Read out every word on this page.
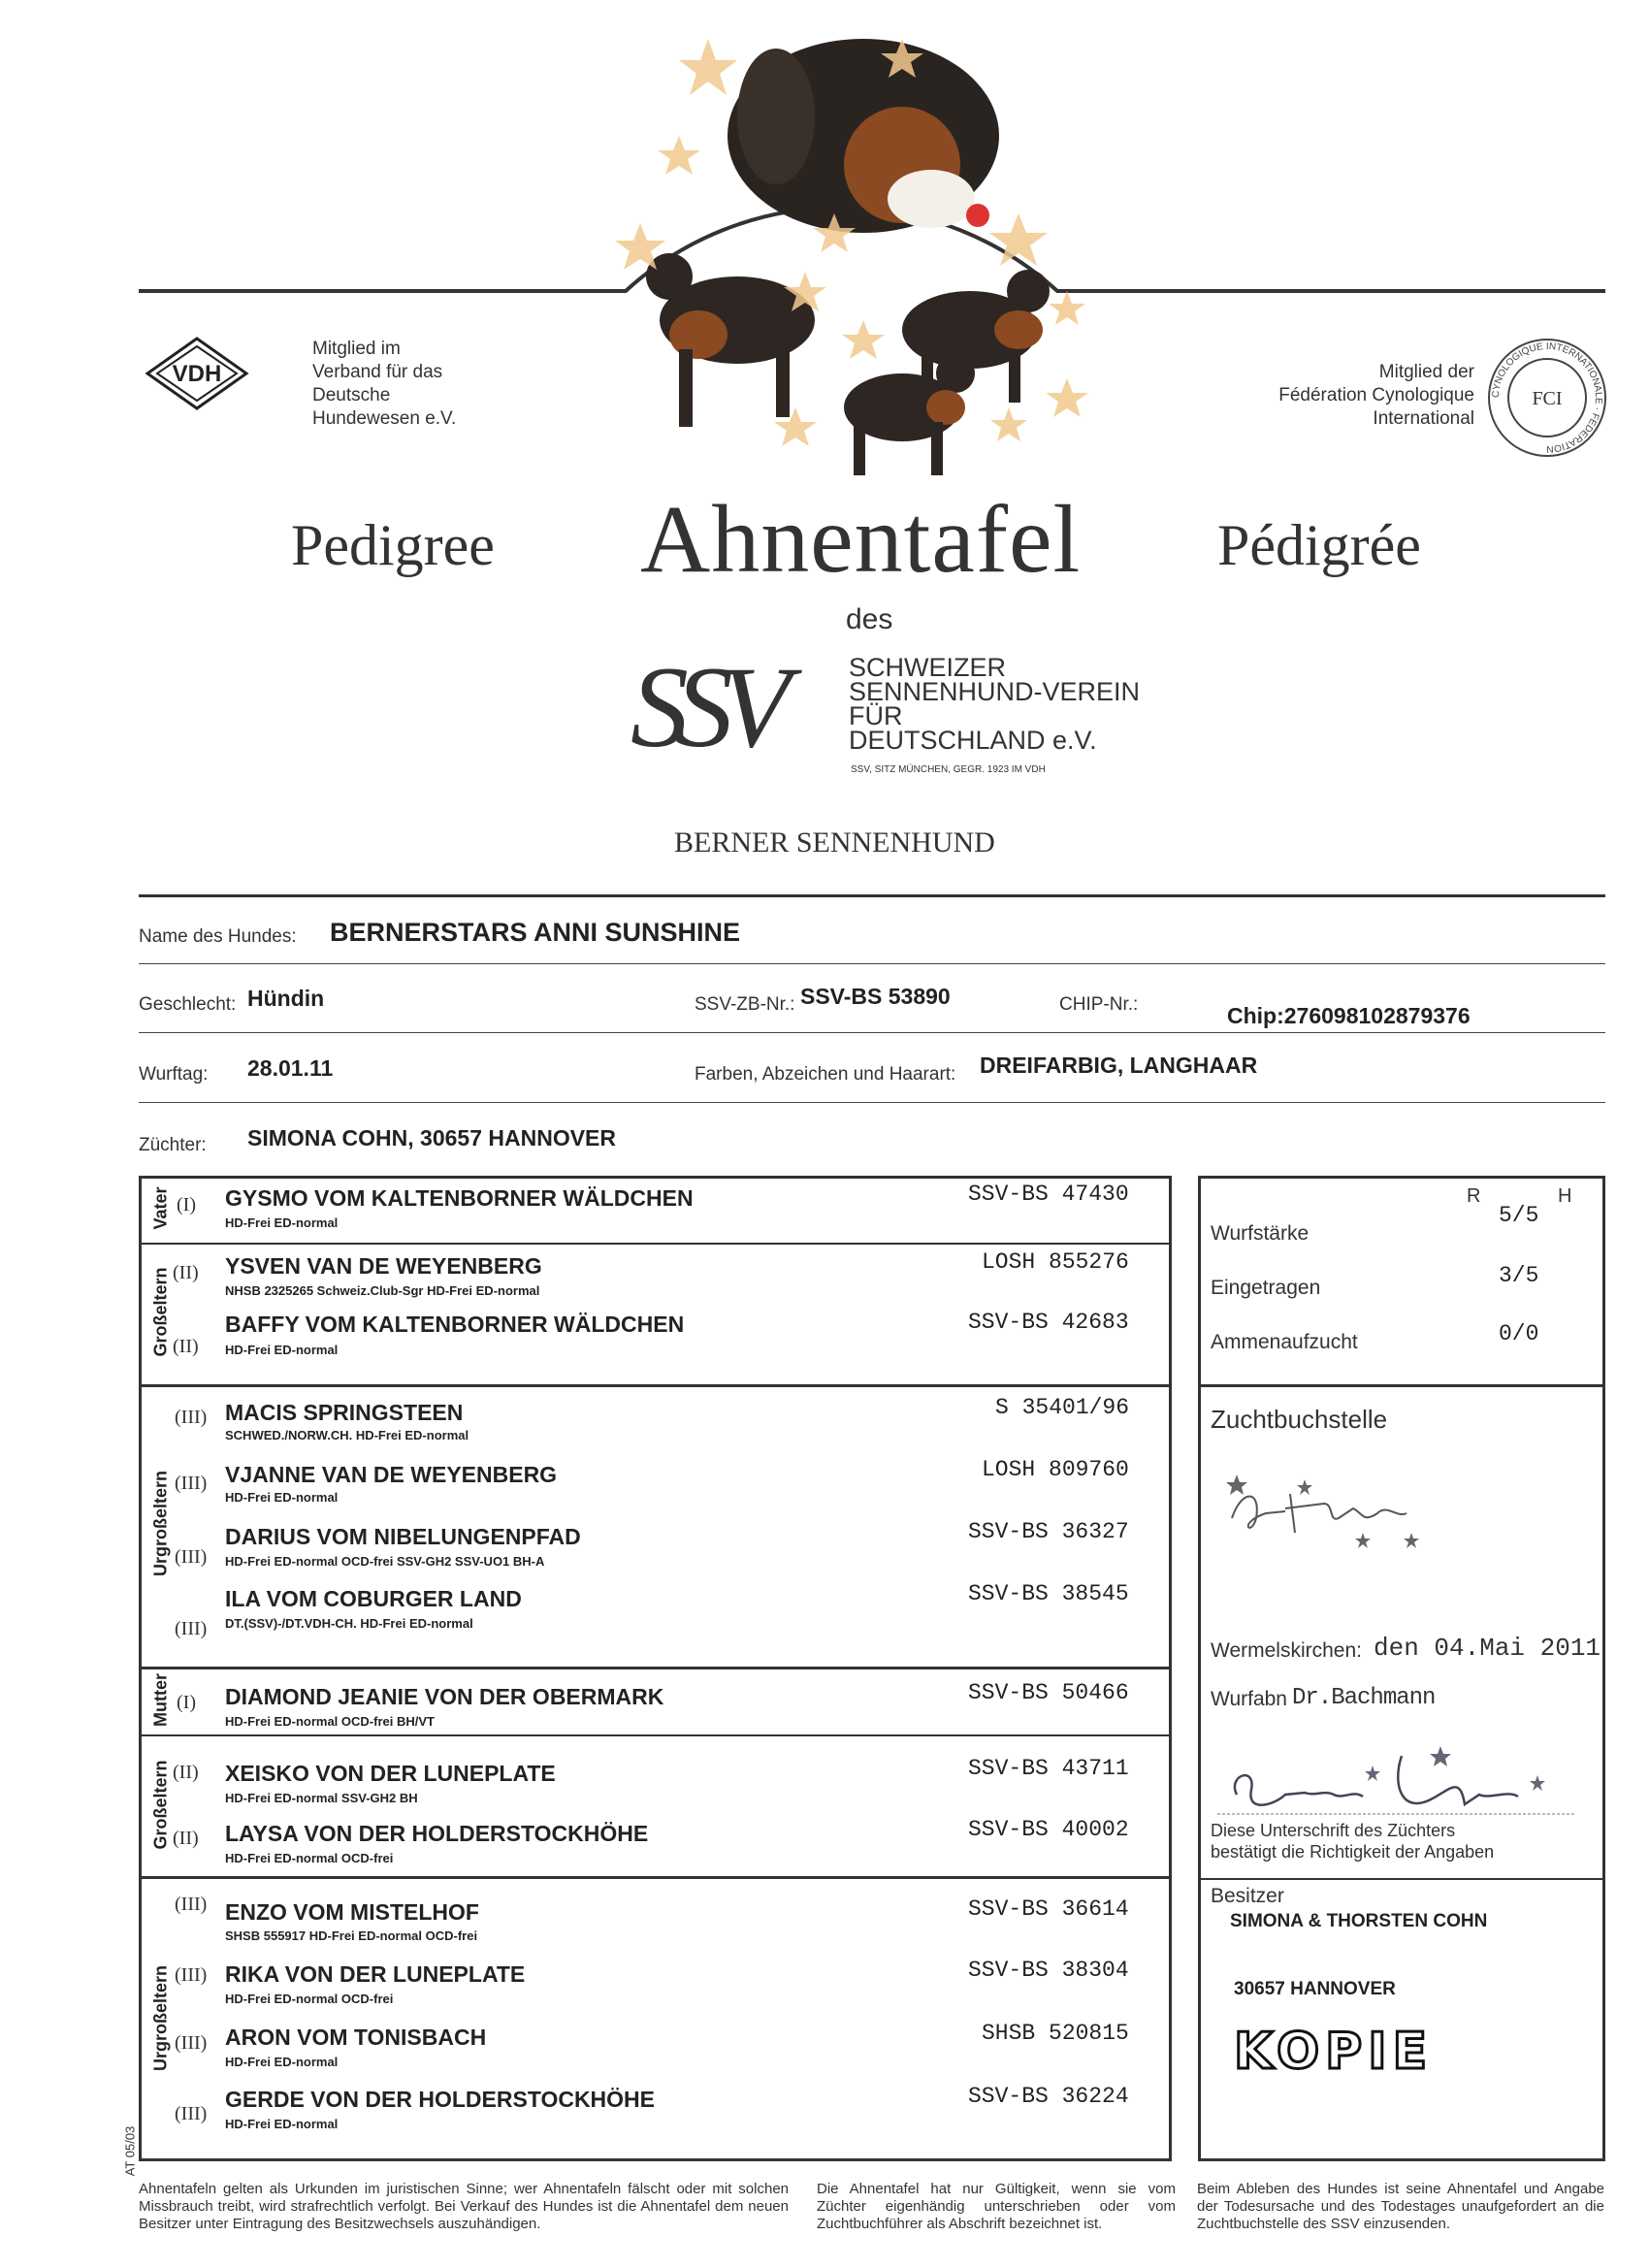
VDH
Mitglied im
Verband für das
Deutsche
Hundewesen e.V.
Mitglied der
Fédération Cynologique
International
CYNOLOGIQUE INTERNATIONALE · FEDERATION
FCI
Pedigree Ahnentafel Pédigrée
des
SSV	SCHWEIZER
SENNENHUND-VEREIN
FÜR
DEUTSCHLAND e.V.
SSV, SITZ MÜNCHEN, GEGR. 1923 IM VDH
BERNER SENNENHUND
Name des Hundes: BERNERSTARS ANNI SUNSHINE
Geschlecht: Hündin	SSV-ZB-Nr.: SSV-BS 53890	CHIP-Nr.:	Chip:276098102879376
Wurftag: 28.01.11	Farben, Abzeichen und Haarart: DREIFARBIG, LANGHAAR
Züchter: SIMONA COHN, 30657 HANNOVER
Vater
Großeltern
Urgroßeltern
Mutter
Großeltern
Urgroßeltern
(I) GYSMO VOM KALTENBORNER WÄLDCHEN
HD-Frei ED-normal
SSV-BS 47430
(II) YSVEN VAN DE WEYENBERG
NHSB 2325265 Schweiz.Club-Sgr HD-Frei ED-normal
LOSH 855276
(II)
BAFFY VOM KALTENBORNER WÄLDCHEN
HD-Frei ED-normal
SSV-BS 42683
(III) MACIS SPRINGSTEEN
SCHWED./NORW.CH. HD-Frei ED-normal
S 35401/96
(III) VJANNE VAN DE WEYENBERG
HD-Frei ED-normal
LOSH 809760
(III)
DARIUS VOM NIBELUNGENPFAD
HD-Frei ED-normal OCD-frei SSV-GH2 SSV-UO1 BH-A
SSV-BS 36327
(III)
ILA VOM COBURGER LAND
DT.(SSV)-/DT.VDH-CH. HD-Frei ED-normal
SSV-BS 38545
(I) DIAMOND JEANIE VON DER OBERMARK
HD-Frei ED-normal OCD-frei BH/VT
SSV-BS 50466
(II) XEISKO VON DER LUNEPLATE
HD-Frei ED-normal SSV-GH2 BH
SSV-BS 43711
(II) LAYSA VON DER HOLDERSTOCKHÖHE
HD-Frei ED-normal OCD-frei
SSV-BS 40002
(III) ENZO VOM MISTELHOF
SHSB 555917 HD-Frei ED-normal OCD-frei
SSV-BS 36614
(III) RIKA VON DER LUNEPLATE
HD-Frei ED-normal OCD-frei
SSV-BS 38304
(III) ARON VOM TONISBACH
HD-Frei ED-normal
SHSB 520815
(III)
GERDE VON DER HOLDERSTOCKHÖHE
HD-Frei ED-normal
SSV-BS 36224
R	H
Wurfstärke
5/5
Eingetragen	3/5
Ammenaufzucht	0/0
Zuchtbuchstelle
Wermelskirchen: den 04.Mai 2011
Wurfabn Dr.Bachmann
Diese Unterschrift des Züchters
bestätigt die Richtigkeit der Angaben
Besitzer
SIMONA & THORSTEN COHN
30657 HANNOVER
KOPIE
AT 05/03
Ahnentafeln gelten als Urkunden im juristischen Sinne; wer Ahnentafeln fälscht oder mit solchen Missbrauch treibt, wird strafrechtlich verfolgt. Bei Verkauf des Hundes ist die Ahnentafel dem neuen Besitzer unter Eintragung des Besitzwechsels auszuhändigen.
Die Ahnentafel hat nur Gültigkeit, wenn sie vom Züchter eigenhändig unterschrieben oder vom Zuchtbuchführer als Abschrift bezeichnet ist.
Beim Ableben des Hundes ist seine Ahnentafel und Angabe der Todesursache und des Todestages unaufgefordert an die Zuchtbuchstelle des SSV einzusenden.
